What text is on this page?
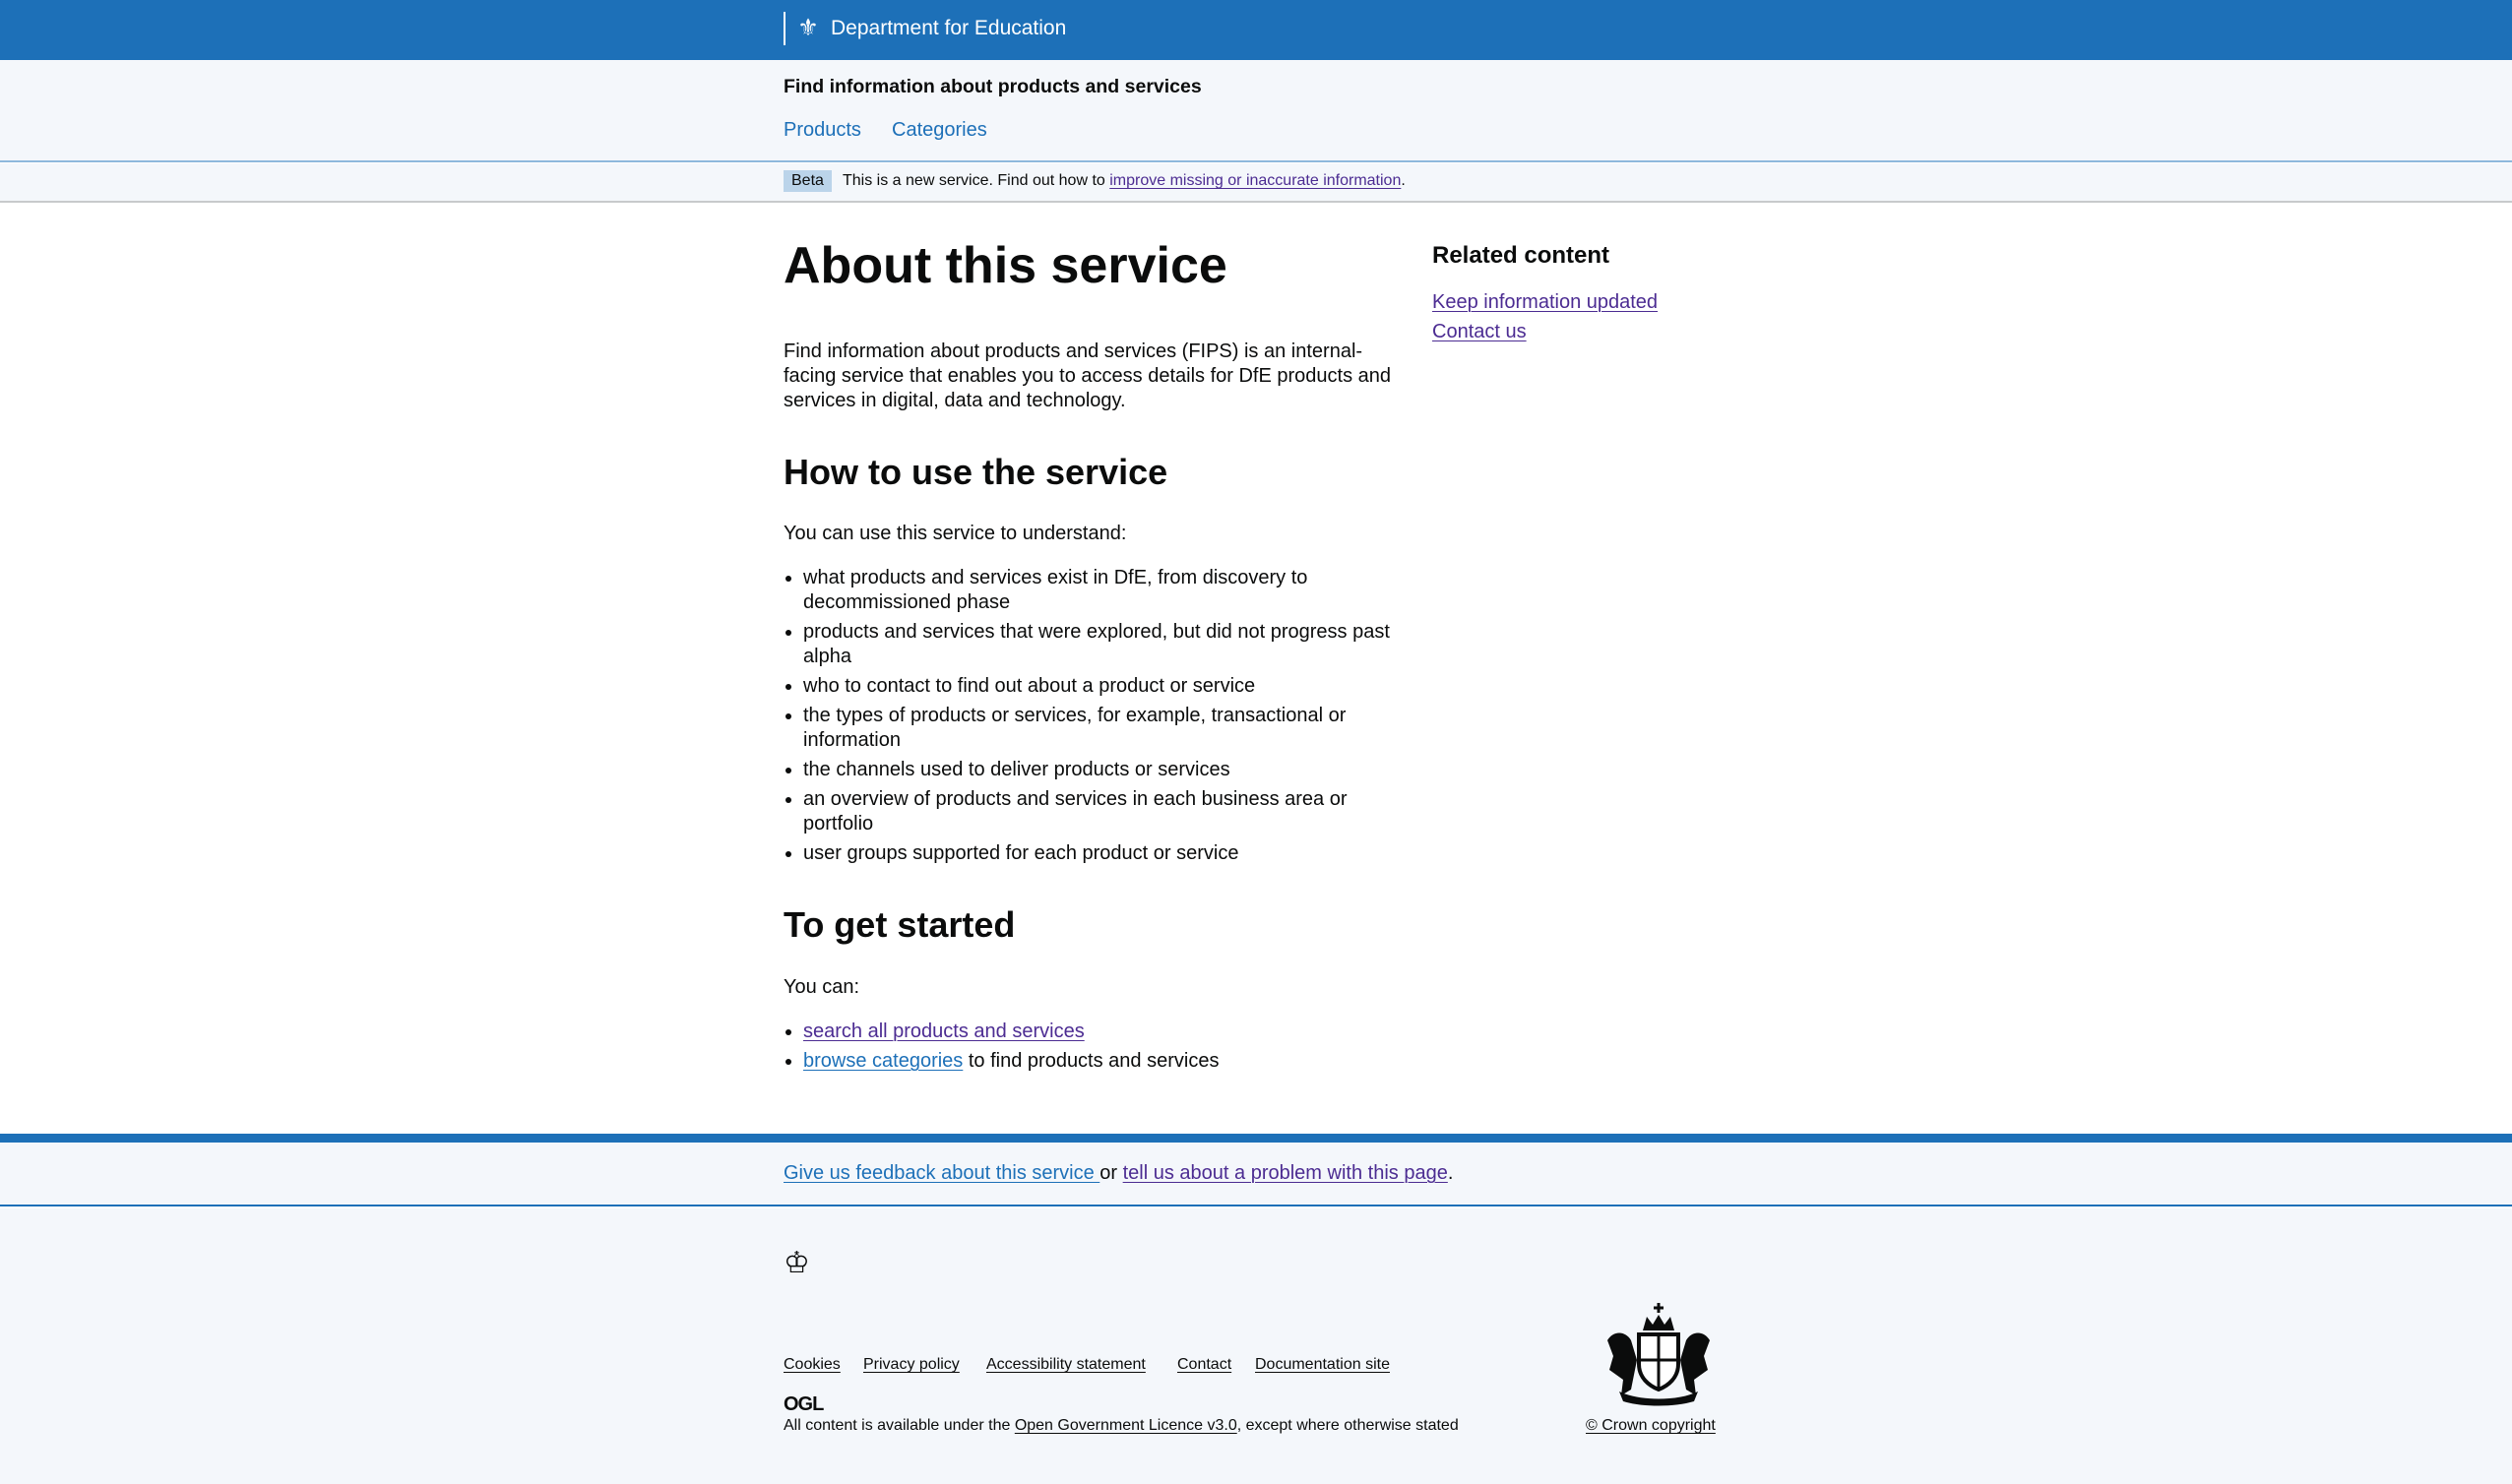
⚜ Department for Education
Find information about products and services
Products Categories
Beta	This is a new service. Find out how to improve missing or inaccurate information.
About this service

Find information about products and services (FIPS) is an internal-facing service that enables you to access details for DfE products and services in digital, data and technology.

How to use the service

You can use this service to understand:

what products and services exist in DfE, from discovery to decommissioned phase
products and services that were explored, but did not progress past alpha
who to contact to find out about a product or service
the types of products or services, for example, transactional or information
the channels used to deliver products or services
an overview of products and services in each business area or portfolio
user groups supported for each product or service
To get started

You can:

search all products and services
browse categories to find products and services
Related content
Keep information updated
Contact us
Give us feedback about this service or tell us about a problem with this page.
♔
Cookies Privacy policy Accessibility statement Contact Documentation site
OGL
All content is available under the Open Government Licence v3.0, except where otherwise stated	© Crown copyright
